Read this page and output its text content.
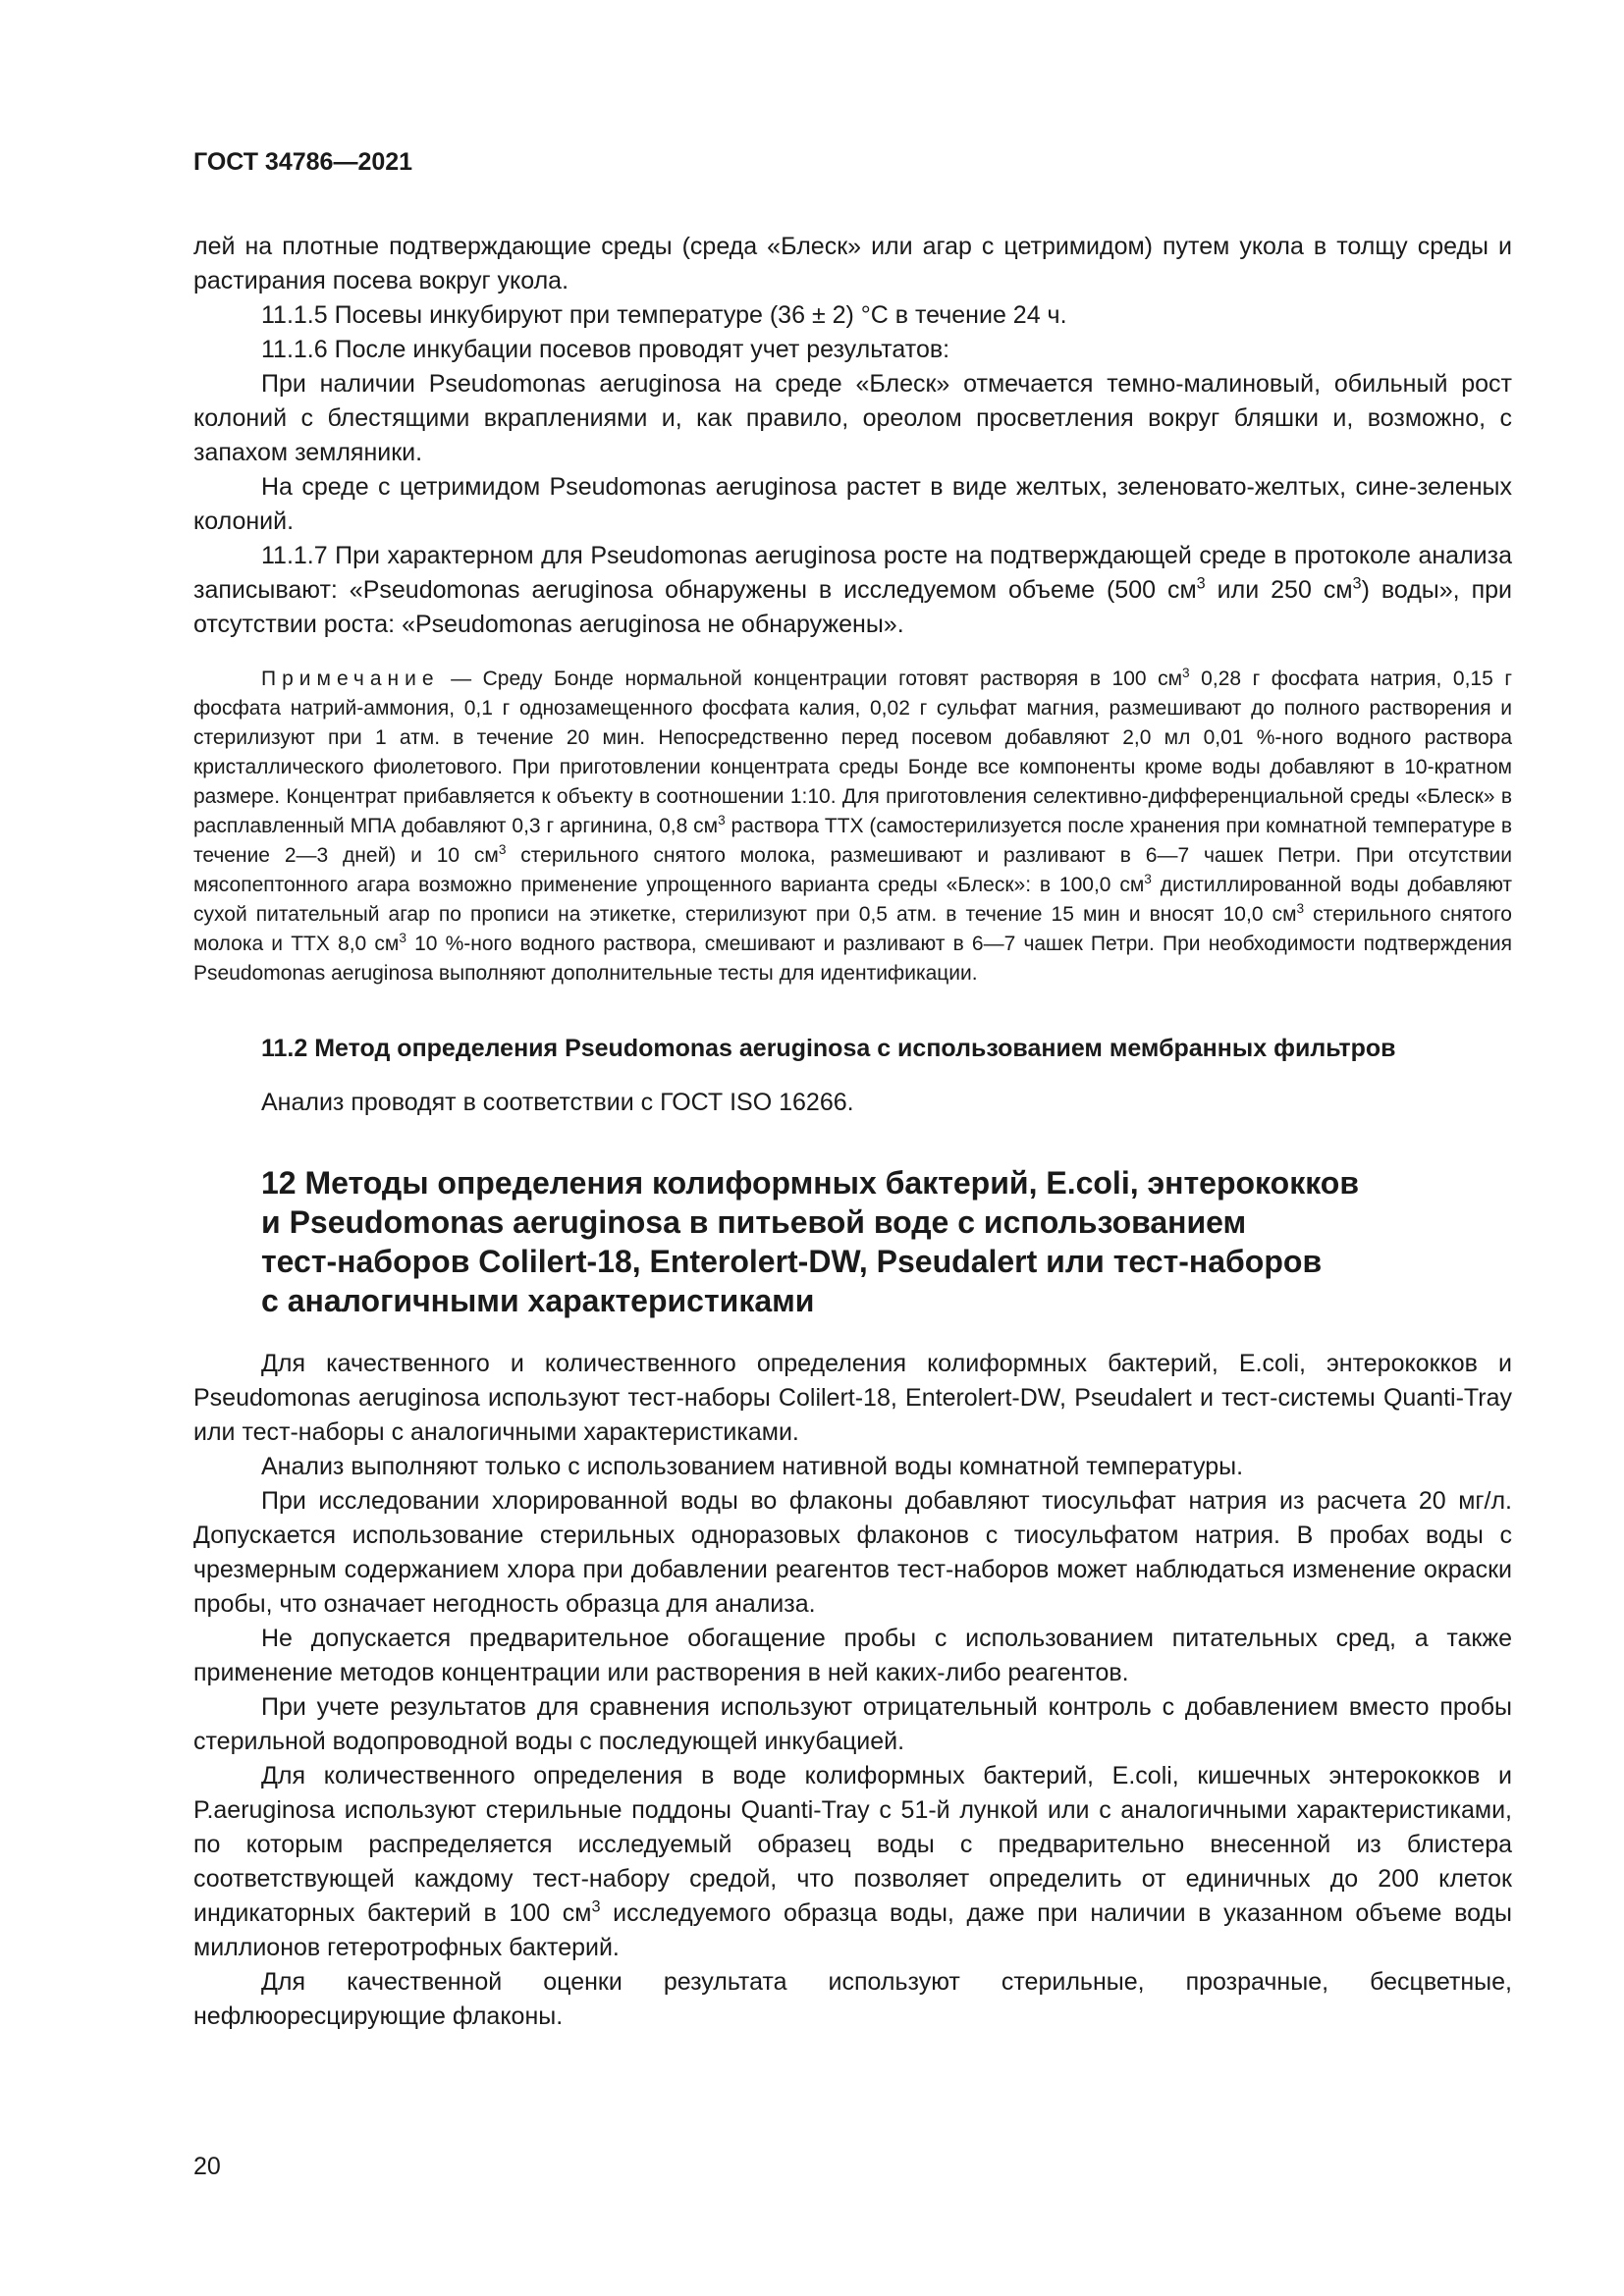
ГОСТ 34786—2021

лей на плотные подтверждающие среды (среда «Блеск» или агар с цетримидом) путем укола в толщу среды и растирания посева вокруг укола.

11.1.5 Посевы инкубируют при температуре (36 ± 2) °С в течение 24 ч.

11.1.6 После инкубации посевов проводят учет результатов:

При наличии Pseudomonas aeruginosa на среде «Блеск» отмечается темно-малиновый, обильный рост колоний с блестящими вкраплениями и, как правило, ореолом просветления вокруг бляшки и, возможно, с запахом земляники.

На среде с цетримидом Pseudomonas aeruginosa растет в виде желтых, зеленовато-желтых, сине-зеленых колоний.

11.1.7 При характерном для Pseudomonas aeruginosa росте на подтверждающей среде в протоколе анализа записывают: «Pseudomonas aeruginosa обнаружены в исследуемом объеме (500 $см^3$ или 250 $см^3$) воды», при отсутствии роста: «Pseudomonas aeruginosa не обнаружены».

Примечание — Среду Бонде нормальной концентрации готовят растворяя в 100 $см^3$ 0,28 г фосфата натрия, 0,15 г фосфата натрий-аммония, 0,1 г однозамещенного фосфата калия, 0,02 г сульфат магния, размешивают до полного растворения и стерилизуют при 1 атм. в течение 20 мин. Непосредственно перед посевом добавляют 2,0 мл 0,01 %-ного водного раствора кристаллического фиолетового. При приготовлении концентрата среды Бонде все компоненты кроме воды добавляют в 10-кратном размере. Концентрат прибавляется к объекту в соотношении 1:10. Для приготовления селективно-дифференциальной среды «Блеск» в расплавленный МПА добавляют 0,3 г аргинина, 0,8 $см^3$ раствора ТТХ (самостерилизуется после хранения при комнатной температуре в течение 2—3 дней) и 10 $см^3$ стерильного снятого молока, размешивают и разливают в 6—7 чашек Петри. При отсутствии мясопептонного агара возможно применение упрощенного варианта среды «Блеск»: в 100,0 $см^3$ дистиллированной воды добавляют сухой питательный агар по прописи на этикетке, стерилизуют при 0,5 атм. в течение 15 мин и вносят 10,0 $см^3$ стерильного снятого молока и ТТХ 8,0 $см^3$ 10 %-ного водного раствора, смешивают и разливают в 6—7 чашек Петри. При необходимости подтверждения Pseudomonas aeruginosa выполняют дополнительные тесты для идентификации.

11.2 Метод определения Pseudomonas aeruginosa с использованием мембранных фильтров
Анализ проводят в соответствии с ГОСТ ISO 16266.
12 Методы определения колиформных бактерий, E.coli, энтерококков
и Pseudomonas aeruginosa в питьевой воде с использованием
тест-наборов Colilert-18, Enterolert-DW, Pseudalert или тест-наборов
с аналогичными характеристиками

Для качественного и количественного определения колиформных бактерий, E.coli, энтерококков и Pseudomonas aeruginosa используют тест-наборы Colilert-18, Enterolert-DW, Pseudalert и тест-системы Quanti-Tray или тест-наборы с аналогичными характеристиками.

Анализ выполняют только с использованием нативной воды комнатной температуры.

При исследовании хлорированной воды во флаконы добавляют тиосульфат натрия из расчета 20 мг/л. Допускается использование стерильных одноразовых флаконов с тиосульфатом натрия. В пробах воды с чрезмерным содержанием хлора при добавлении реагентов тест-наборов может наблюдаться изменение окраски пробы, что означает негодность образца для анализа.

Не допускается предварительное обогащение пробы с использованием питательных сред, а также применение методов концентрации или растворения в ней каких-либо реагентов.

При учете результатов для сравнения используют отрицательный контроль с добавлением вместо пробы стерильной водопроводной воды с последующей инкубацией.

Для количественного определения в воде колиформных бактерий, E.coli, кишечных энтерококков и P.aeruginosa используют стерильные поддоны Quanti-Tray с 51-й лункой или с аналогичными характеристиками, по которым распределяется исследуемый образец воды с предварительно внесенной из блистера соответствующей каждому тест-набору средой, что позволяет определить от единичных до 200 клеток индикаторных бактерий в 100 $см^3$ исследуемого образца воды, даже при наличии в указанном объеме воды миллионов гетеротрофных бактерий.

Для качественной оценки результата используют стерильные, прозрачные, бесцветные, нефлюоресцирующие флаконы.

20
